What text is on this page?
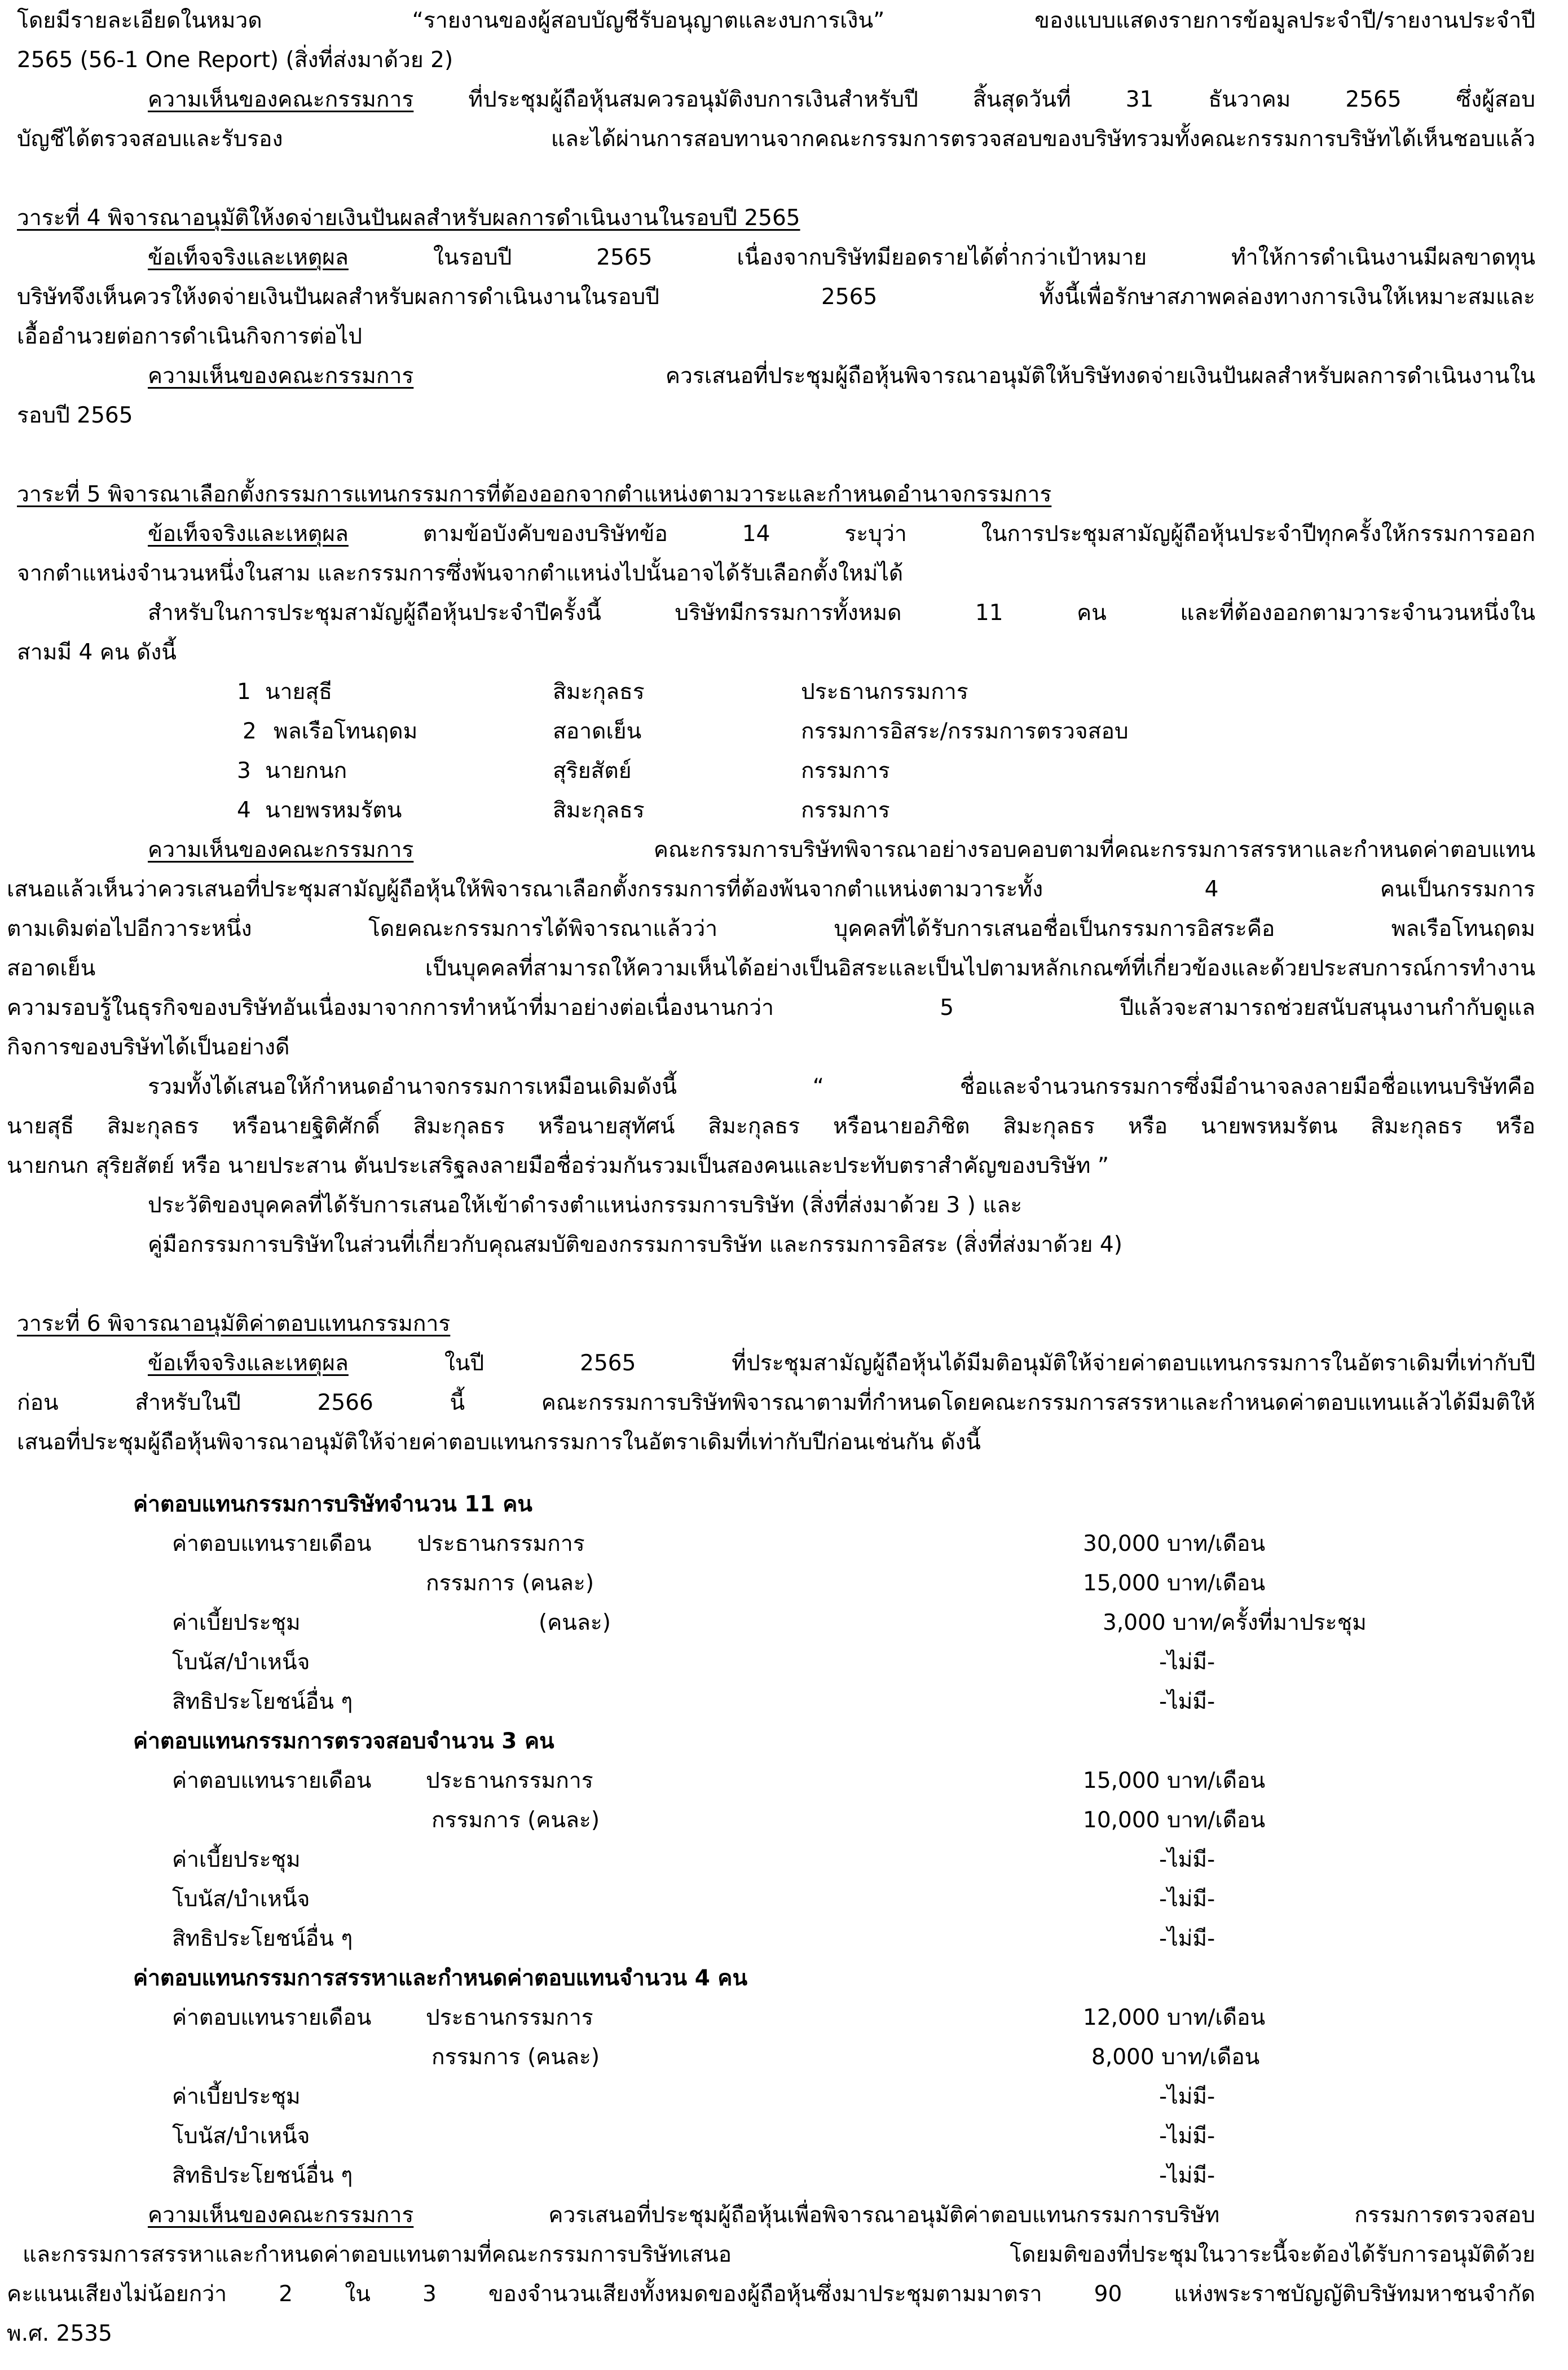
โดยมีรายละเอียดในหมวด “รายงานของผู้สอบบัญชีรับอนุญาตและงบการเงิน” ของแบบแสดงรายการข้อมูลประจำปี/รายงานประจำปี
2565 (56-1 One Report) (สิ่งที่ส่งมาด้วย 2)
ความเห็นของคณะกรรมการ ที่ประชุมผู้ถือหุ้นสมควรอนุมัติงบการเงินสำหรับปี สิ้นสุดวันที่ 31 ธันวาคม 2565 ซึ่งผู้สอบ
บัญชีได้ตรวจสอบและรับรอง และได้ผ่านการสอบทานจากคณะกรรมการตรวจสอบของบริษัทรวมทั้งคณะกรรมการบริษัทได้เห็นชอบแล้ว
วาระที่ 4 พิจารณาอนุมัติให้งดจ่ายเงินปันผลสำหรับผลการดำเนินงานในรอบปี 2565
ข้อเท็จจริงและเหตุผล	ในรอบปี 2565 เนื่องจากบริษัทมียอดรายได้ต่ำกว่าเป้าหมาย ทำให้การดำเนินงานมีผลขาดทุน
บริษัทจึงเห็นควรให้งดจ่ายเงินปันผลสำหรับผลการดำเนินงานในรอบปี 2565 ทั้งนี้เพื่อรักษาสภาพคล่องทางการเงินให้เหมาะสมและ
เอื้ออำนวยต่อการดำเนินกิจการต่อไป
ความเห็นของคณะกรรมการ	ควรเสนอที่ประชุมผู้ถือหุ้นพิจารณาอนุมัติให้บริษัทงดจ่ายเงินปันผลสำหรับผลการดำเนินงานใน
รอบปี 2565
วาระที่ 5 พิจารณาเลือกตั้งกรรมการแทนกรรมการที่ต้องออกจากตำแหน่งตามวาระและกำหนดอำนาจกรรมการ
ข้อเท็จจริงและเหตุผล	ตามข้อบังคับของบริษัทข้อ 14 ระบุว่า ในการประชุมสามัญผู้ถือหุ้นประจำปีทุกครั้งให้กรรมการออก
จากตำแหน่งจำนวนหนึ่งในสาม และกรรมการซึ่งพ้นจากตำแหน่งไปนั้นอาจได้รับเลือกตั้งใหม่ได้
สำหรับในการประชุมสามัญผู้ถือหุ้นประจำปีครั้งนี้ บริษัทมีกรรมการทั้งหมด 11 คน และที่ต้องออกตามวาระจำนวนหนึ่งใน
สามมี 4 คน ดังนี้
1 นายสุธี	สิมะกุลธร	ประธานกรรมการ
2 พลเรือโทนฤดม	สอาดเย็น	กรรมการอิสระ/กรรมการตรวจสอบ
3 นายกนก	สุริยสัตย์	กรรมการ
4 นายพรหมรัตน	สิมะกุลธร	กรรมการ
ความเห็นของคณะกรรมการ	คณะกรรมการบริษัทพิจารณาอย่างรอบคอบตามที่คณะกรรมการสรรหาและกำหนดค่าตอบแทน
เสนอแล้วเห็นว่าควรเสนอที่ประชุมสามัญผู้ถือหุ้นให้พิจารณาเลือกตั้งกรรมการที่ต้องพ้นจากตำแหน่งตามวาระทั้ง 4 คนเป็นกรรมการ
ตามเดิมต่อไปอีกวาระหนึ่ง โดยคณะกรรมการได้พิจารณาแล้วว่า บุคคลที่ได้รับการเสนอชื่อเป็นกรรมการอิสระคือ พลเรือโทนฤดม
สอาดเย็น เป็นบุคคลที่สามารถให้ความเห็นได้อย่างเป็นอิสระและเป็นไปตามหลักเกณฑ์ที่เกี่ยวข้องและด้วยประสบการณ์การทำงาน
ความรอบรู้ในธุรกิจของบริษัทอันเนื่องมาจากการทำหน้าที่มาอย่างต่อเนื่องนานกว่า 5 ปีแล้วจะสามารถช่วยสนับสนุนงานกำกับดูแล
กิจการของบริษัทได้เป็นอย่างดี
รวมทั้งได้เสนอให้กำหนดอำนาจกรรมการเหมือนเดิมดังนี้ “ ชื่อและจำนวนกรรมการซึ่งมีอำนาจลงลายมือชื่อแทนบริษัทคือ
นายสุธี สิมะกุลธร หรือนายฐิติศักดิ์ สิมะกุลธร หรือนายสุทัศน์ สิมะกุลธร หรือนายอภิชิต สิมะกุลธร หรือ นายพรหมรัตน สิมะกุลธร หรือ
นายกนก สุริยสัตย์ หรือ นายประสาน ตันประเสริฐลงลายมือชื่อร่วมกันรวมเป็นสองคนและประทับตราสำคัญของบริษัท ”
ประวัติของบุคคลที่ได้รับการเสนอให้เข้าดำรงตำแหน่งกรรมการบริษัท (สิ่งที่ส่งมาด้วย 3 ) และ
คู่มือกรรมการบริษัทในส่วนที่เกี่ยวกับคุณสมบัติของกรรมการบริษัท และกรรมการอิสระ (สิ่งที่ส่งมาด้วย 4)
วาระที่ 6 พิจารณาอนุมัติค่าตอบแทนกรรมการ
ข้อเท็จจริงและเหตุผล	ในปี 2565 ที่ประชุมสามัญผู้ถือหุ้นได้มีมติอนุมัติให้จ่ายค่าตอบแทนกรรมการในอัตราเดิมที่เท่ากับปี
ก่อน สำหรับในปี 2566 นี้ คณะกรรมการบริษัทพิจารณาตามที่กำหนดโดยคณะกรรมการสรรหาและกำหนดค่าตอบแทนแล้วได้มีมติให้
เสนอที่ประชุมผู้ถือหุ้นพิจารณาอนุมัติให้จ่ายค่าตอบแทนกรรมการในอัตราเดิมที่เท่ากับปีก่อนเช่นกัน ดังนี้
ค่าตอบแทนกรรมการบริษัทจำนวน 11 คน
ค่าตอบแทนรายเดือน ประธานกรรมการ	30,000 บาท/เดือน
กรรมการ (คนละ)	15,000 บาท/เดือน
ค่าเบี้ยประชุม	(คนละ)	3,000 บาท/ครั้งที่มาประชุม
โบนัส/บำเหน็จ	-ไม่มี-
สิทธิประโยชน์อื่น ๆ	-ไม่มี-
ค่าตอบแทนกรรมการตรวจสอบจำนวน 3 คน
ค่าตอบแทนรายเดือน ประธานกรรมการ	15,000 บาท/เดือน
กรรมการ (คนละ)	10,000 บาท/เดือน
ค่าเบี้ยประชุม	-ไม่มี-
โบนัส/บำเหน็จ	-ไม่มี-
สิทธิประโยชน์อื่น ๆ	-ไม่มี-
ค่าตอบแทนกรรมการสรรหาและกำหนดค่าตอบแทนจำนวน 4 คน
ค่าตอบแทนรายเดือน ประธานกรรมการ	12,000 บาท/เดือน
กรรมการ (คนละ)	8,000 บาท/เดือน
ค่าเบี้ยประชุม	-ไม่มี-
โบนัส/บำเหน็จ	-ไม่มี-
สิทธิประโยชน์อื่น ๆ	-ไม่มี-
ความเห็นของคณะกรรมการ	ควรเสนอที่ประชุมผู้ถือหุ้นเพื่อพิจารณาอนุมัติค่าตอบแทนกรรมการบริษัท กรรมการตรวจสอบ
และกรรมการสรรหาและกำหนดค่าตอบแทนตามที่คณะกรรมการบริษัทเสนอ โดยมติของที่ประชุมในวาระนี้จะต้องได้รับการอนุมัติด้วย
คะแนนเสียงไม่น้อยกว่า 2 ใน 3 ของจำนวนเสียงทั้งหมดของผู้ถือหุ้นซึ่งมาประชุมตามมาตรา 90 แห่งพระราชบัญญัติบริษัทมหาชนจำกัด
พ.ศ. 2535
